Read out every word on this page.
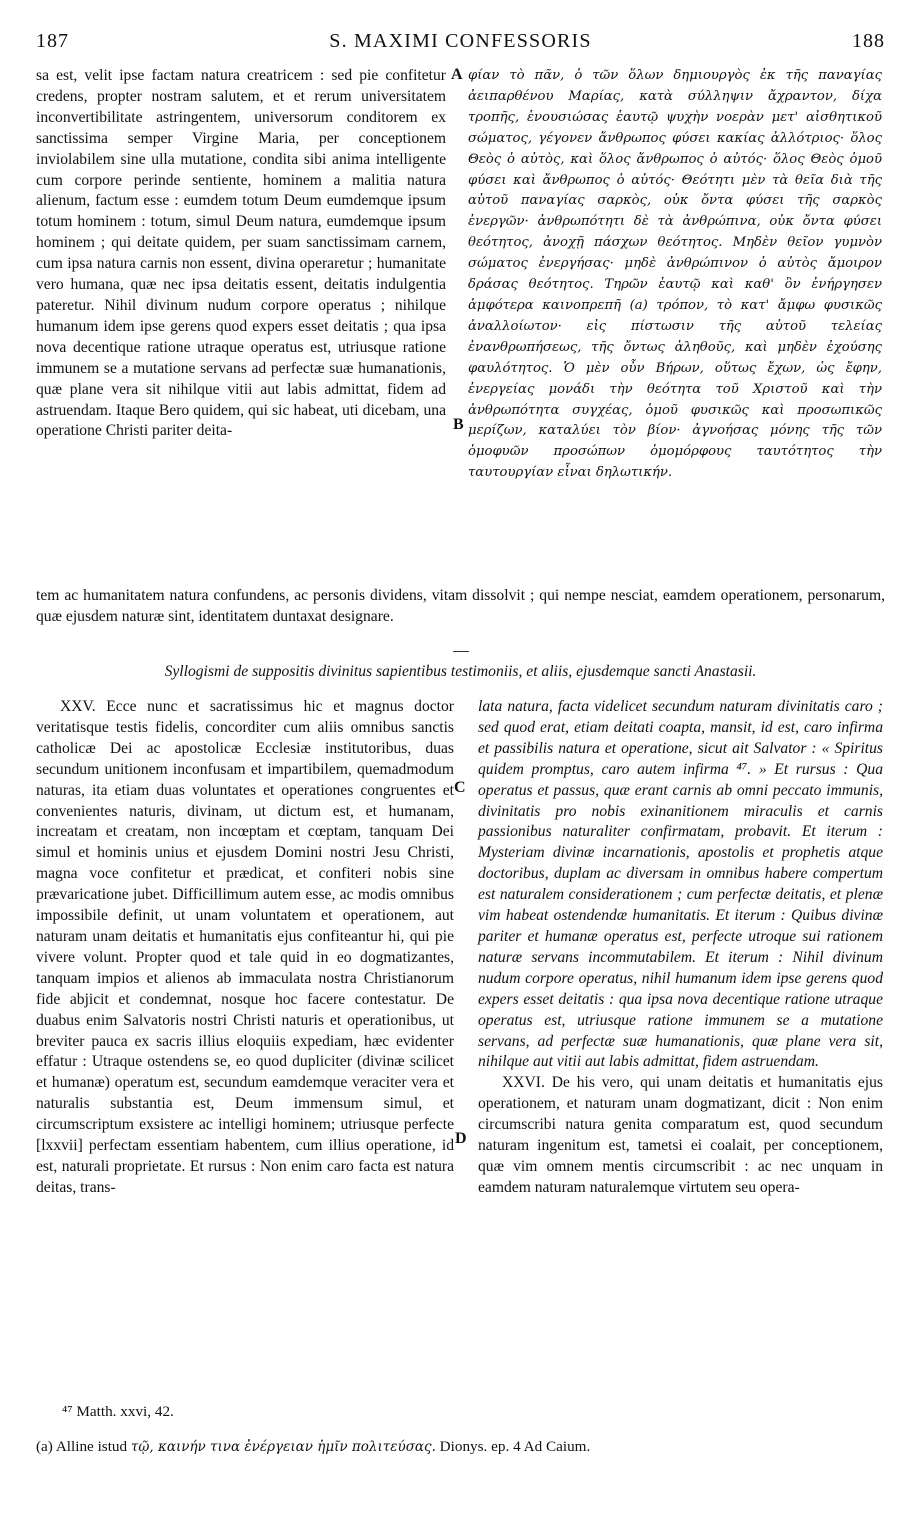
187	S. MAXIMI CONFESSORIS	188
A
B
C
D

sa est, velit ipse factam natura creatricem : sed pie confitetur credens, propter nostram salutem, et et rerum universitatem inconvertibilitate astringentem, universorum conditorem ex sanctissima semper Virgine Maria, per conceptionem inviolabilem sine ulla mutatione, condita sibi anima intelligente cum corpore perinde sentiente, hominem a malitia natura alienum, factum esse : eumdem totum Deum eumdemque ipsum totum hominem : totum, simul Deum natura, eumdemque ipsum hominem ; qui deitate quidem, per suam sanctissimam carnem, cum ipsa natura carnis non essent, divina operaretur ; humanitate vero humana, quæ nec ipsa deitatis essent, deitatis indulgentia pateretur. Nihil divinum nudum corpore operatus ; nihilque humanum idem ipse gerens quod expers esset deitatis ; qua ipsa nova decentique ratione utraque operatus est, utriusque ratione immunem se a mutatione servans ad perfectæ suæ humanationis, quæ plane vera sit nihilque vitii aut labis admittat, fidem ad astruendam. Itaque Bero quidem, qui sic habeat, uti dicebam, una operatione Christi pariter deita-

φίαν τὸ πᾶν, ὁ τῶν ὅλων δημιουργὸς ἐκ τῆς παναγίας ἀειπαρθένου Μαρίας, κατὰ σύλληψιν ἄχραντον, δίχα τροπῆς, ἑνουσιώσας ἑαυτῷ ψυχὴν νοερὰν μετ' αἰσθητικοῦ σώματος, γέγονεν ἄνθρωπος φύσει κακίας ἀλλότριος· ὅλος Θεὸς ὁ αὐτὸς, καὶ ὅλος ἄνθρωπος ὁ αὐτός· ὅλος Θεὸς ὁμοῦ φύσει καὶ ἄνθρωπος ὁ αὐτός· Θεότητι μὲν τὰ θεῖα διὰ τῆς αὐτοῦ παναγίας σαρκὸς, οὐκ ὄντα φύσει τῆς σαρκὸς ἐνεργῶν· ἀνθρωπότητι δὲ τὰ ἀνθρώπινα, οὐκ ὄντα φύσει θεότητος, ἀνοχῇ πάσχων θεότητος. Μηδὲν θεῖον γυμνὸν σώματος ἐνεργήσας· μηδὲ ἀνθρώπινον ὁ αὐτὸς ἄμοιρον δράσας θεότητος. Τηρῶν ἑαυτῷ καὶ καθ' ὃν ἐνήργησεν ἀμφότερα καινοπρεπῆ (a) τρόπον, τὸ κατ' ἄμφω φυσικῶς ἀναλλοίωτον· εἰς πίστωσιν τῆς αὐτοῦ τελείας ἐνανθρωπήσεως, τῆς ὄντως ἀληθοῦς, καὶ μηδὲν ἐχούσης φαυλότητος. Ὁ μὲν οὖν Βήρων, οὕτως ἔχων, ὡς ἔφην, ἐνεργείας μονάδι τὴν θεότητα τοῦ Χριστοῦ καὶ τὴν ἀνθρωπότητα συγχέας, ὁμοῦ φυσικῶς καὶ προσωπικῶς μερίζων, καταλύει τὸν βίον· ἀγνοήσας μόνης τῆς τῶν ὁμοφυῶν προσώπων ὁμομόρφους ταυτότητος τὴν ταυτουργίαν εἶναι δηλωτικήν.

tem ac humanitatem natura confundens, ac personis dividens, vitam dissolvit ; qui nempe nesciat, eamdem operationem, personarum, quæ ejusdem naturæ sint, identitatem duntaxat designare.
Syllogismi de suppositis divinitus sapientibus testimoniis, et aliis, ejusdemque sancti Anastasii.

XXV. Ecce nunc et sacratissimus hic et magnus doctor veritatisque testis fidelis, concorditer cum aliis omnibus sanctis catholicæ Dei ac apostolicæ Ecclesiæ institutoribus, duas secundum unitionem inconfusam et impartibilem, quemadmodum naturas, ita etiam duas voluntates et operationes congruentes et convenientes naturis, divinam, ut dictum est, et humanam, increatam et creatam, non incœptam et cœptam, tanquam Dei simul et hominis unius et ejusdem Domini nostri Jesu Christi, magna voce confitetur et prædicat, et confiteri nobis sine prævaricatione jubet. Difficillimum autem esse, ac modis omnibus impossibile definit, ut unam voluntatem et operationem, aut naturam unam deitatis et humanitatis ejus confiteantur hi, qui pie vivere volunt. Propter quod et tale quid in eo dogmatizantes, tanquam impios et alienos ab immaculata nostra Christianorum fide abjicit et condemnat, nosque hoc facere contestatur. De duabus enim Salvatoris nostri Christi naturis et operationibus, ut breviter pauca ex sacris illius eloquiis expediam, hæc evidenter effatur : Utraque ostendens se, eo quod dupliciter (divinæ scilicet et humanæ) operatum est, secundum eamdemque veraciter vera et naturalis substantia est, Deum immensum simul, et circumscriptum exsistere ac intelligi hominem; utriusque perfecte [lxxvii] perfectam essentiam habentem, cum illius operatione, id est, naturali proprietate. Et rursus : Non enim caro facta est natura deitas, trans-

lata natura, facta videlicet secundum naturam divinitatis caro ; sed quod erat, etiam deitati coapta, mansit, id est, caro infirma et passibilis natura et operatione, sicut ait Salvator : « Spiritus quidem promptus, caro autem infirma ⁴⁷. » Et rursus : Qua operatus et passus, quæ erant carnis ab omni peccato immunis, divinitatis pro nobis exinanitionem miraculis et carnis passionibus naturaliter confirmatam, probavit. Et iterum : Mysteriam divinæ incarnationis, apostolis et prophetis atque doctoribus, duplam ac diversam in omnibus habere compertum est naturalem considerationem ; cum perfectæ deitatis, et plenæ vim habeat ostendendæ humanitatis. Et iterum : Quibus divinæ pariter et humanæ operatus est, perfecte utroque sui rationem naturæ servans incommutabilem. Et iterum : Nihil divinum nudum corpore operatus, nihil humanum idem ipse gerens quod expers esset deitatis : qua ipsa nova decentique ratione utraque operatus est, utriusque ratione immunem se a mutatione servans, ad perfectæ suæ humanationis, quæ plane vera sit, nihilque aut vitii aut labis admittat, fidem astruendam.

XXVI. De his vero, qui unam deitatis et humanitatis ejus operationem, et naturam unam dogmatizant, dicit : Non enim circumscribi natura genita comparatum est, quod secundum naturam ingenitum est, tametsi ei coalait, per conceptionem, quæ vim omnem mentis circumscribit : ac nec unquam in eamdem naturam naturalemque virtutem seu opera-

⁴⁷ Matth. xxvi, 42.
(a) Alline istud τῷ, καινήν τινα ἐνέργειαν ἡμῖν πολιτεύσας. Dionys. ep. 4 Ad Caium.
